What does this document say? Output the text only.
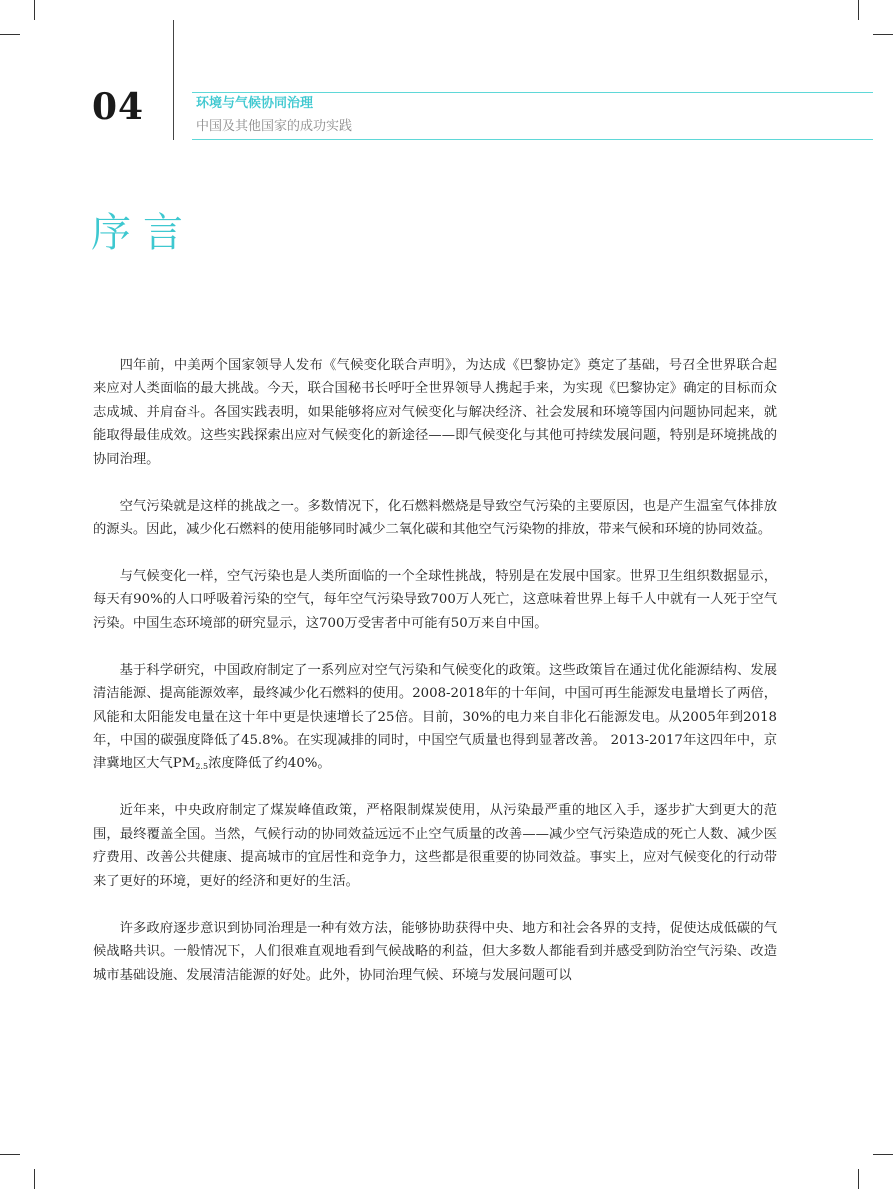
04	环境与气候协同治理
中国及其他国家的成功实践
序言

四年前，中美两个国家领导人发布《气候变化联合声明》，为达成《巴黎协定》奠定了基础，号召全世界联合起来应对人类面临的最大挑战。今天，联合国秘书长呼吁全世界领导人携起手来，为实现《巴黎协定》确定的目标而众志成城、并肩奋斗。各国实践表明，如果能够将应对气候变化与解决经济、社会发展和环境等国内问题协同起来，就能取得最佳成效。这些实践探索出应对气候变化的新途径——即气候变化与其他可持续发展问题，特别是环境挑战的协同治理。

空气污染就是这样的挑战之一。多数情况下，化石燃料燃烧是导致空气污染的主要原因，也是产生温室气体排放的源头。因此，减少化石燃料的使用能够同时减少二氧化碳和其他空气污染物的排放，带来气候和环境的协同效益。

与气候变化一样，空气污染也是人类所面临的一个全球性挑战，特别是在发展中国家。世界卫生组织数据显示，每天有90%的人口呼吸着污染的空气，每年空气污染导致700万人死亡，这意味着世界上每千人中就有一人死于空气污染。中国生态环境部的研究显示，这700万受害者中可能有50万来自中国。

基于科学研究，中国政府制定了一系列应对空气污染和气候变化的政策。这些政策旨在通过优化能源结构、发展清洁能源、提高能源效率，最终减少化石燃料的使用。2008-2018年的十年间，中国可再生能源发电量增长了两倍，风能和太阳能发电量在这十年中更是快速增长了25倍。目前，30%的电力来自非化石能源发电。从2005年到2018年，中国的碳强度降低了45.8%。在实现减排的同时，中国空气质量也得到显著改善。 2013-2017年这四年中，京津冀地区大气$PM_{2.5}$浓度降低了约40%。

近年来，中央政府制定了煤炭峰值政策，严格限制煤炭使用，从污染最严重的地区入手，逐步扩大到更大的范围，最终覆盖全国。当然，气候行动的协同效益远远不止空气质量的改善——减少空气污染造成的死亡人数、减少医疗费用、改善公共健康、提高城市的宜居性和竞争力，这些都是很重要的协同效益。事实上，应对气候变化的行动带来了更好的环境，更好的经济和更好的生活。

许多政府逐步意识到协同治理是一种有效方法，能够协助获得中央、地方和社会各界的支持，促使达成低碳的气候战略共识。一般情况下，人们很难直观地看到气候战略的利益，但大多数人都能看到并感受到防治空气污染、改造城市基础设施、发展清洁能源的好处。此外，协同治理气候、环境与发展问题可以
